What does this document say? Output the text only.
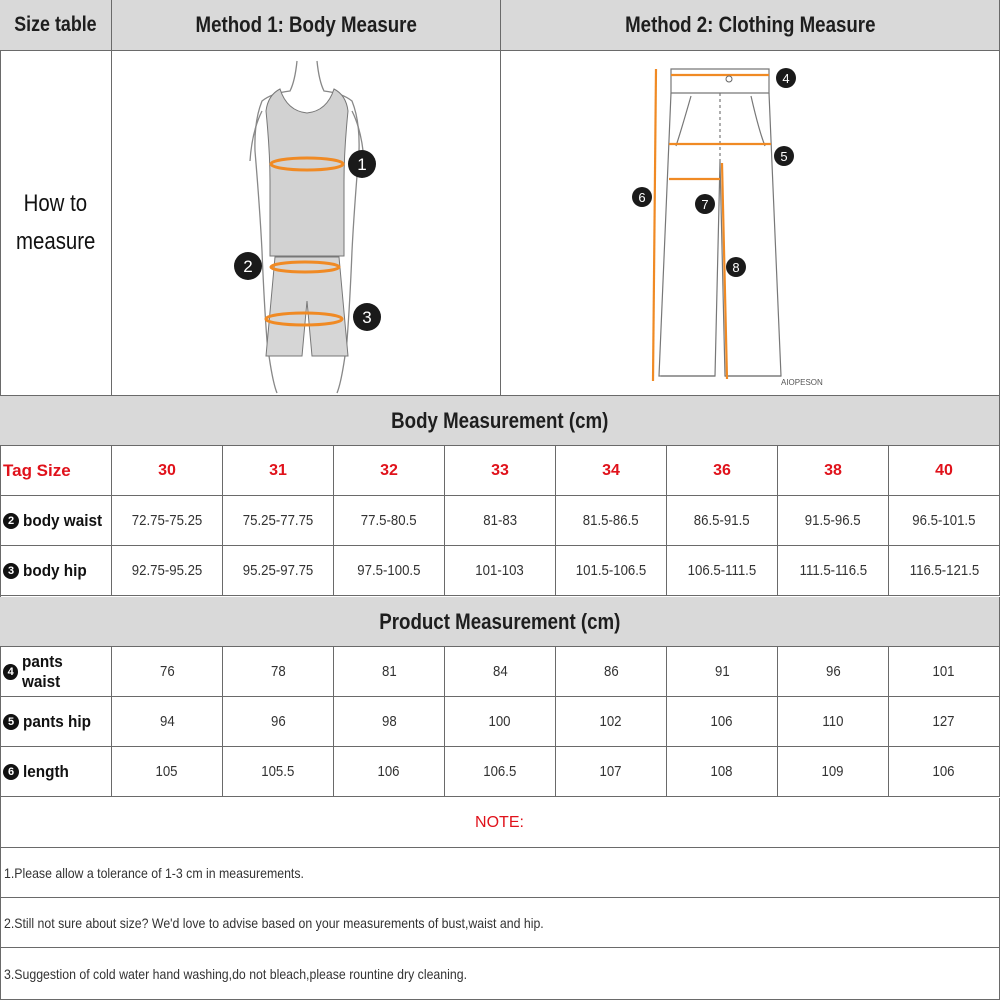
Size table	Method 1: Body Measure	Method 2: Clothing Measure
How to
measure
1
2
3
4
5
6	7
8
AIOPESON
Body Measurement (cm)
Tag Size	30	31	32	33	34	36	38	40
2 body waist 72.75-75.25	75.25-77.75	77.5-80.5	81-83	81.5-86.5	86.5-91.5	91.5-96.5	96.5-101.5
3 body hip	92.75-95.25	95.25-97.75	97.5-100.5	101-103	101.5-106.5	106.5-111.5	111.5-116.5	116.5-121.5
Product Measurement (cm)
4
pants waist	76	78	81	84	86	91	96	101
5 pants hip	94	96	98	100	102	106	110	127
6 length	105	105.5	106	106.5	107	108	109	106
NOTE:
1.Please allow a tolerance of 1-3 cm in measurements.
2.Still not sure about size? We'd love to advise based on your measurements of bust,waist and hip.
3.Suggestion of cold water hand washing,do not bleach,please rountine dry cleaning.
